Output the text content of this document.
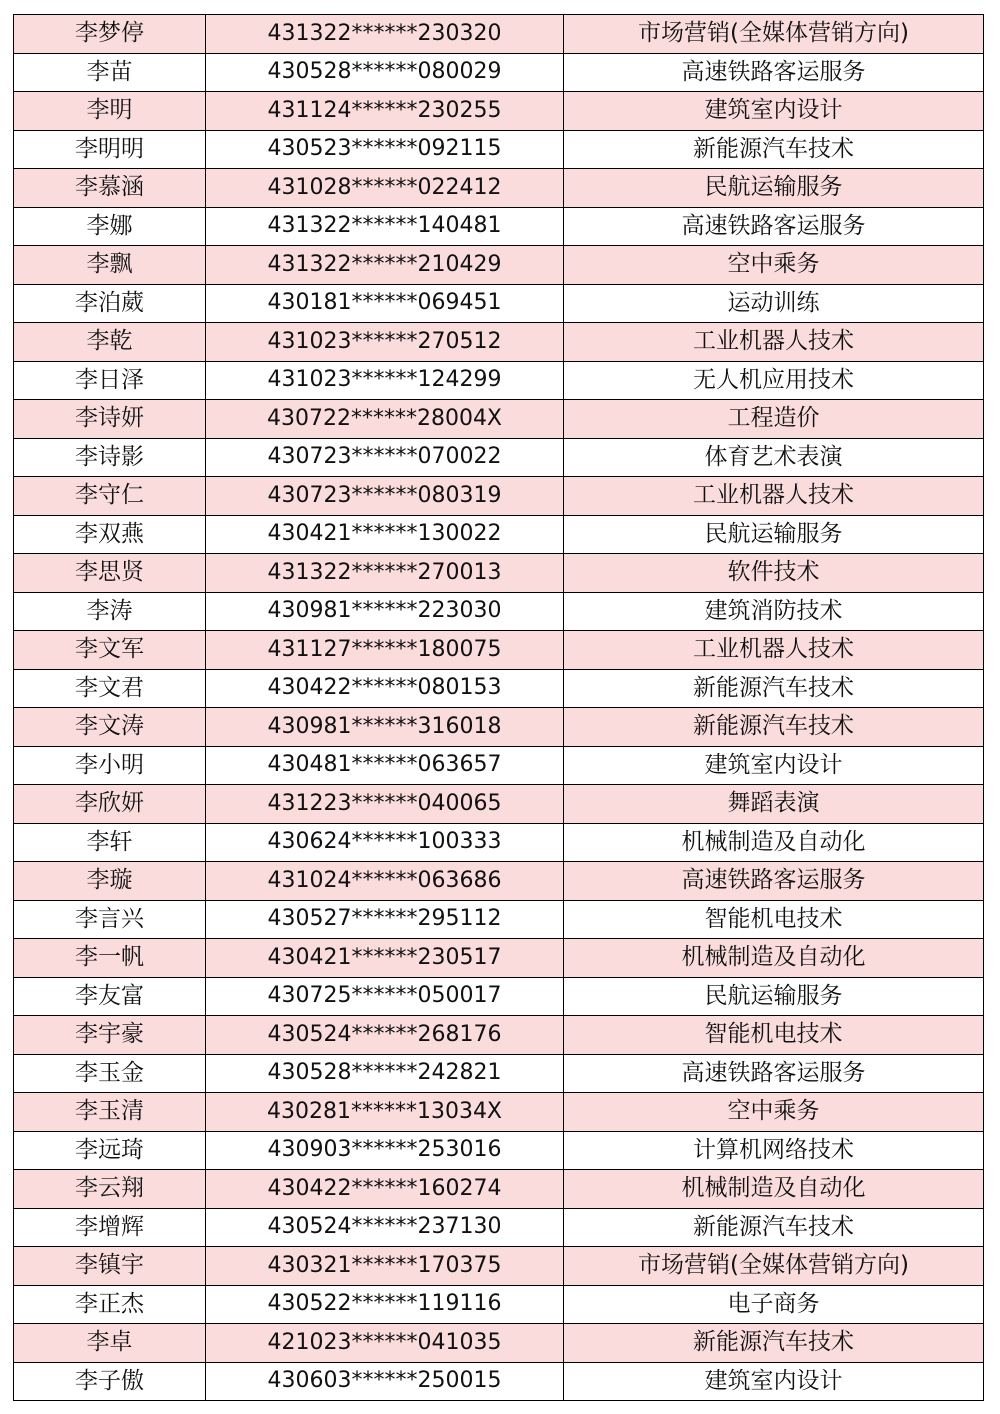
李梦停	431322******230320	市场营销(全媒体营销方向)
李苗	430528******080029	高速铁路客运服务
李明	431124******230255	建筑室内设计
李明明	430523******092115	新能源汽车技术
李慕涵	431028******022412	民航运输服务
李娜	431322******140481	高速铁路客运服务
李飘	431322******210429	空中乘务
李泊葳	430181******069451	运动训练
李乾	431023******270512	工业机器人技术
李日泽	431023******124299	无人机应用技术
李诗妍	430722******28004X	工程造价
李诗影	430723******070022	体育艺术表演
李守仁	430723******080319	工业机器人技术
李双燕	430421******130022	民航运输服务
李思贤	431322******270013	软件技术
李涛	430981******223030	建筑消防技术
李文军	431127******180075	工业机器人技术
李文君	430422******080153	新能源汽车技术
李文涛	430981******316018	新能源汽车技术
李小明	430481******063657	建筑室内设计
李欣妍	431223******040065	舞蹈表演
李轩	430624******100333	机械制造及自动化
李璇	431024******063686	高速铁路客运服务
李言兴	430527******295112	智能机电技术
李一帆	430421******230517	机械制造及自动化
李友富	430725******050017	民航运输服务
李宇豪	430524******268176	智能机电技术
李玉金	430528******242821	高速铁路客运服务
李玉清	430281******13034X	空中乘务
李远琦	430903******253016	计算机网络技术
李云翔	430422******160274	机械制造及自动化
李增辉	430524******237130	新能源汽车技术
李镇宇	430321******170375	市场营销(全媒体营销方向)
李正杰	430522******119116	电子商务
李卓	421023******041035	新能源汽车技术
李子傲	430603******250015	建筑室内设计
